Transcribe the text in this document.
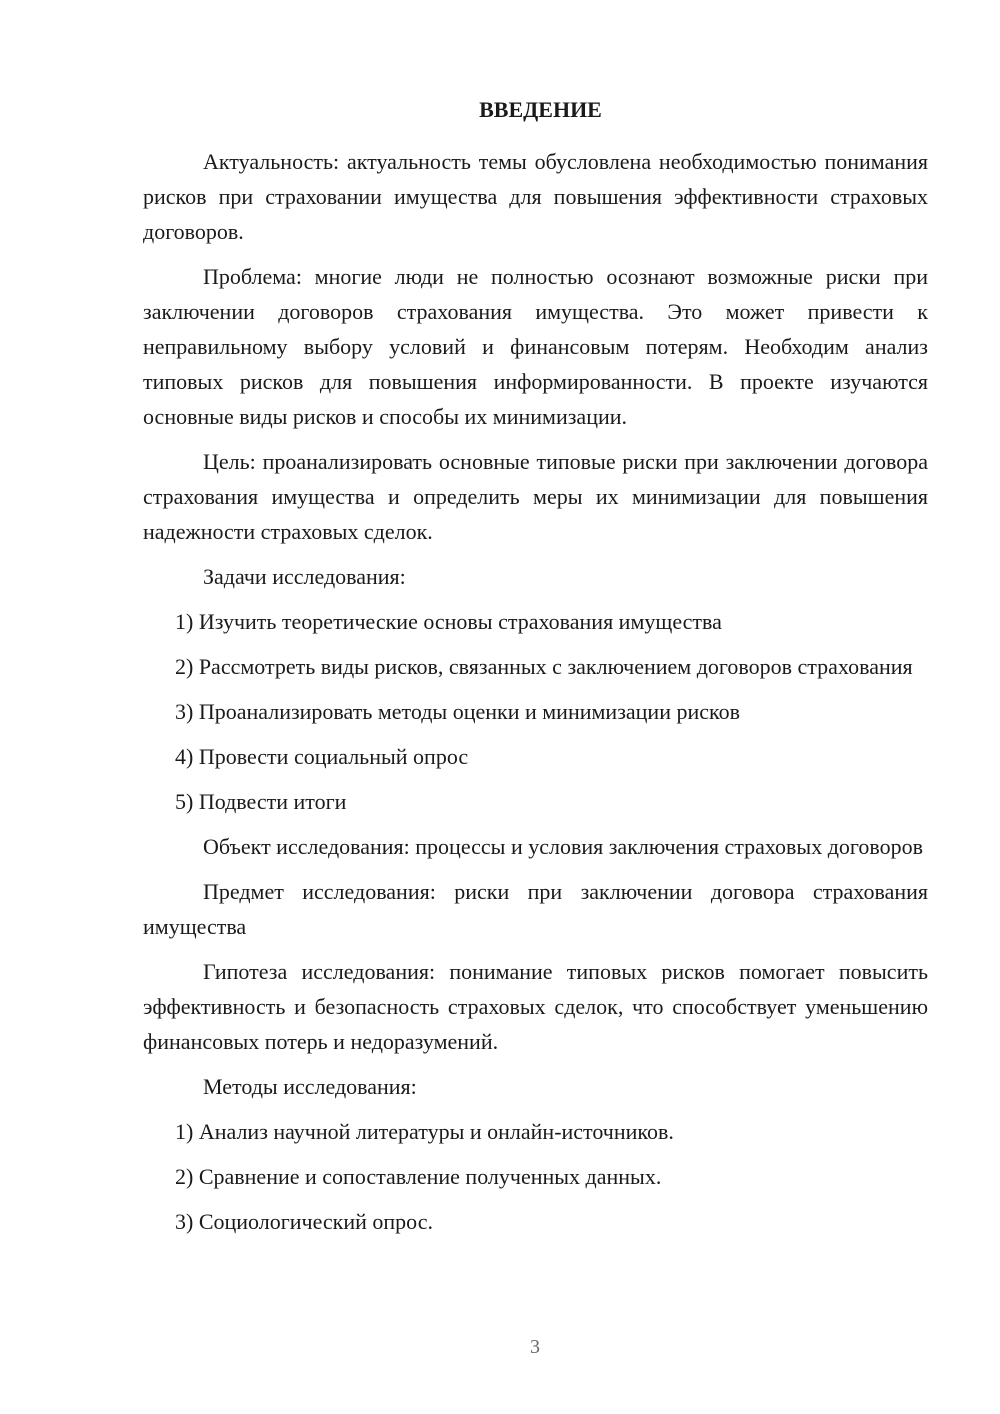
ВВЕДЕНИЕ

Актуальность: актуальность темы обусловлена необходимостью понимания рисков при страховании имущества для повышения эффективности страховых договоров.

Проблема: многие люди не полностью осознают возможные риски при заключении договоров страхования имущества. Это может привести к неправильному выбору условий и финансовым потерям. Необходим анализ типовых рисков для повышения информированности. В проекте изучаются основные виды рисков и способы их минимизации.

Цель: проанализировать основные типовые риски при заключении договора страхования имущества и определить меры их минимизации для повышения надежности страховых сделок.

Задачи исследования:

1) Изучить теоретические основы страхования имущества

2) Рассмотреть виды рисков, связанных с заключением договоров страхования

3) Проанализировать методы оценки и минимизации рисков

4) Провести социальный опрос

5) Подвести итоги

Объект исследования: процессы и условия заключения страховых договоров

Предмет исследования: риски при заключении договора страхования имущества

Гипотеза исследования: понимание типовых рисков помогает повысить эффективность и безопасность страховых сделок, что способствует уменьшению финансовых потерь и недоразумений.

Методы исследования:

1) Анализ научной литературы и онлайн-источников.

2) Сравнение и сопоставление полученных данных.

3) Социологический опрос.

3
